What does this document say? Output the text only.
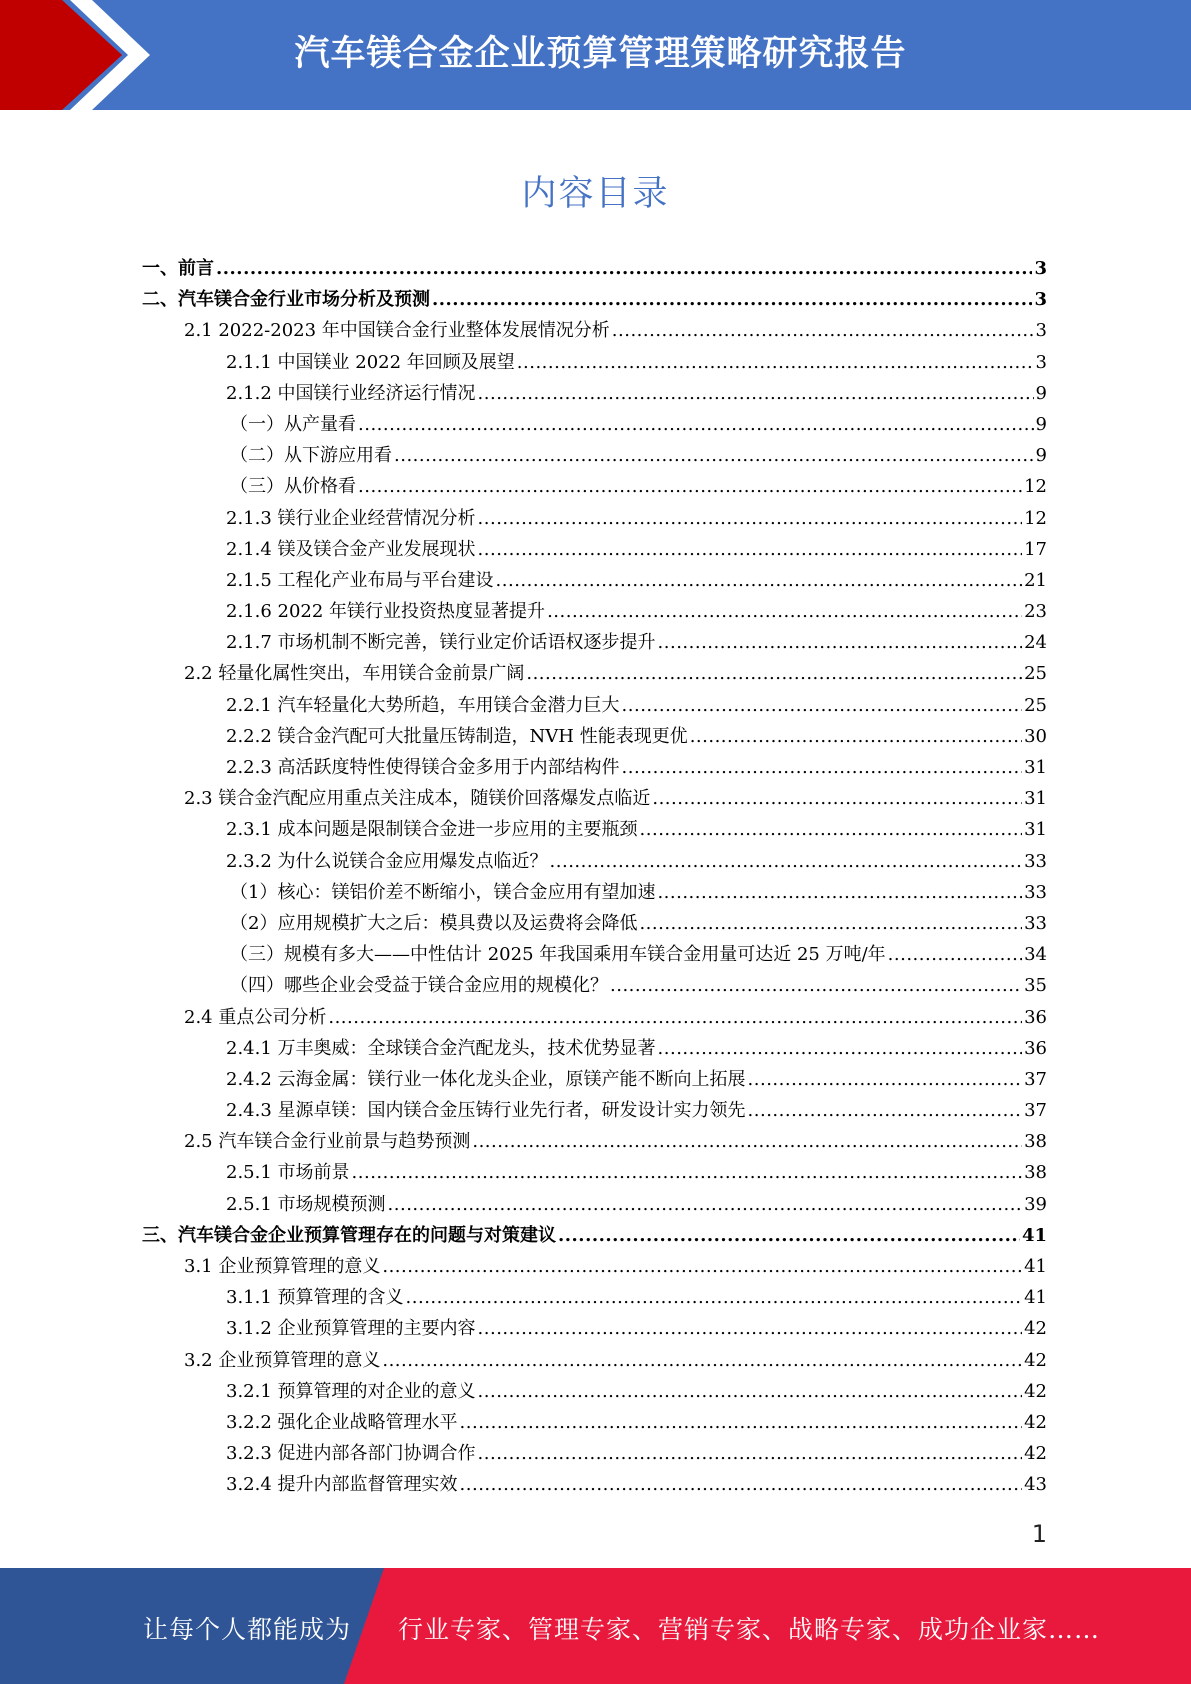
汽车镁合金企业预算管理策略研究报告
内容目录
一、前言 .....	3
二、汽车镁合金行业市场分析及预测 .....	3
2.1 2022-2023 年中国镁合金行业整体发展情况分析 .....	3
2.1.1 中国镁业 2022 年回顾及展望 .....	3
2.1.2 中国镁行业经济运行情况 .....	9
（一）从产量看 .....	9
（二）从下游应用看 .....	9
（三）从价格看 .....	12
2.1.3 镁行业企业经营情况分析 .....	12
2.1.4 镁及镁合金产业发展现状 .....	17
2.1.5 工程化产业布局与平台建设 .....	21
2.1.6 2022 年镁行业投资热度显著提升 .....	23
2.1.7 市场机制不断完善，镁行业定价话语权逐步提升 .....	24
2.2 轻量化属性突出，车用镁合金前景广阔 .....	25
2.2.1 汽车轻量化大势所趋，车用镁合金潜力巨大 .....	25
2.2.2 镁合金汽配可大批量压铸制造，NVH 性能表现更优 .....	30
2.2.3 高活跃度特性使得镁合金多用于内部结构件 .....	31
2.3 镁合金汽配应用重点关注成本，随镁价回落爆发点临近 .....	31
2.3.1 成本问题是限制镁合金进一步应用的主要瓶颈 .....	31
2.3.2 为什么说镁合金应用爆发点临近？ .....	33
（1）核心：镁铝价差不断缩小，镁合金应用有望加速 .....	33
（2）应用规模扩大之后：模具费以及运费将会降低 .....	33
（三）规模有多大——中性估计 2025 年我国乘用车镁合金用量可达近 25 万吨/年 .....	34
（四）哪些企业会受益于镁合金应用的规模化？ .....	35
2.4 重点公司分析 .....	36
2.4.1 万丰奥威：全球镁合金汽配龙头，技术优势显著 .....	36
2.4.2 云海金属：镁行业一体化龙头企业，原镁产能不断向上拓展 .....	37
2.4.3 星源卓镁：国内镁合金压铸行业先行者，研发设计实力领先 .....	37
2.5 汽车镁合金行业前景与趋势预测 .....	38
2.5.1 市场前景 .....	38
2.5.1 市场规模预测 .....	39
三、汽车镁合金企业预算管理存在的问题与对策建议 .....	41
3.1 企业预算管理的意义 .....	41
3.1.1 预算管理的含义 .....	41
3.1.2 企业预算管理的主要内容 .....	42
3.2 企业预算管理的意义 .....	42
3.2.1 预算管理的对企业的意义 .....	42
3.2.2 强化企业战略管理水平 .....	42
3.2.3 促进内部各部门协调合作 .....	42
3.2.4 提升内部监督管理实效 .....	43
1
让每个人都能成为 行业专家、管理专家、营销专家、战略专家、成功企业家……
